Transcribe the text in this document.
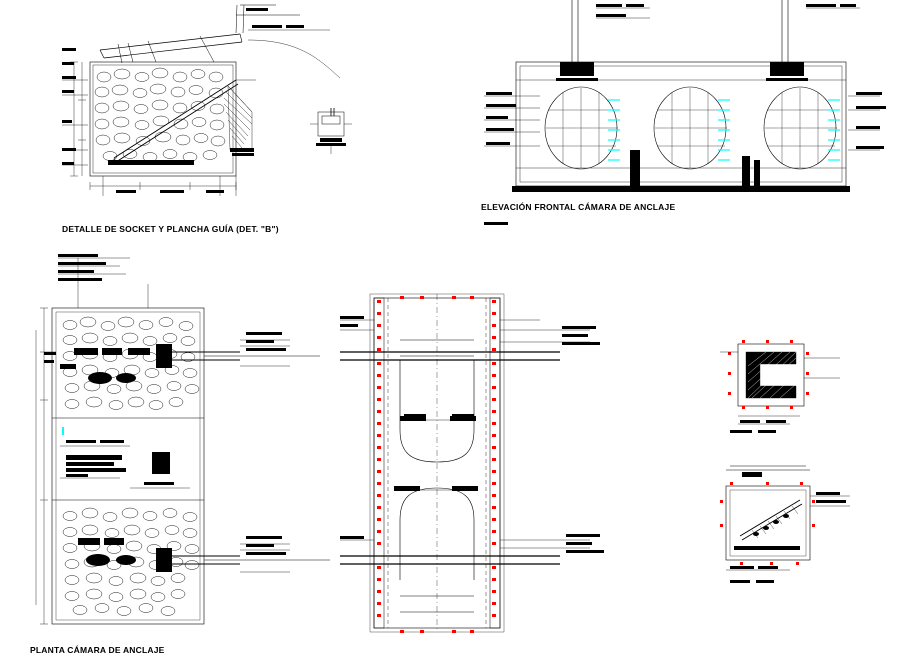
DETALLE DE SOCKET Y PLANCHA GUÍA (DET. "B")
ELEVACIÓN FRONTAL CÁMARA DE ANCLAJE
PLANTA CÁMARA DE ANCLAJE
